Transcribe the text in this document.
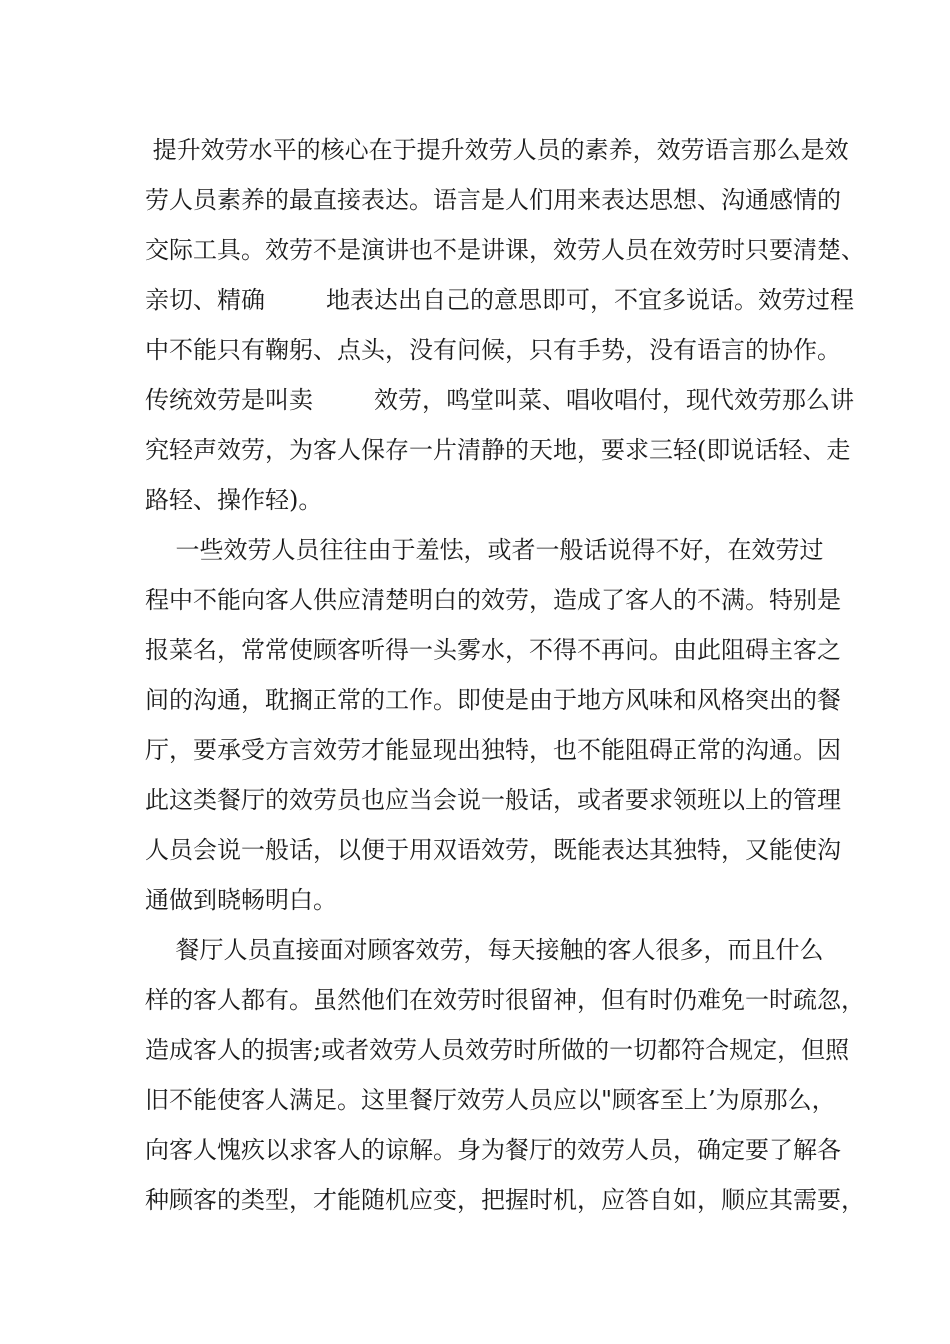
提升效劳水平的核心在于提升效劳人员的素养，效劳语言那么是效
劳人员素养的最直接表达。语言是人们用来表达思想、沟通感情的
交际工具。效劳不是演讲也不是讲课，效劳人员在效劳时只要清楚、
亲切、精确        地表达出自己的意思即可，不宜多说话。效劳过程
中不能只有鞠躬、点头，没有问候，只有手势，没有语言的协作。
传统效劳是叫卖        效劳，鸣堂叫菜、唱收唱付，现代效劳那么讲
究轻声效劳，为客人保存一片清静的天地，要求三轻(即说话轻、走
路轻、操作轻)。
一些效劳人员往往由于羞怯，或者一般话说得不好，在效劳过
程中不能向客人供应清楚明白的效劳，造成了客人的不满。特别是
报菜名，常常使顾客听得一头雾水，不得不再问。由此阻碍主客之
间的沟通，耽搁正常的工作。即使是由于地方风味和风格突出的餐
厅，要承受方言效劳才能显现出独特，也不能阻碍正常的沟通。因
此这类餐厅的效劳员也应当会说一般话，或者要求领班以上的管理
人员会说一般话，以便于用双语效劳，既能表达其独特，又能使沟
通做到晓畅明白。
餐厅人员直接面对顾客效劳，每天接触的客人很多，而且什么
样的客人都有。虽然他们在效劳时很留神，但有时仍难免一时疏忽，
造成客人的损害;或者效劳人员效劳时所做的一切都符合规定，但照
旧不能使客人满足。这里餐厅效劳人员应以"顾客至上’为原那么，
向客人愧疚以求客人的谅解。身为餐厅的效劳人员，确定要了解各
种顾客的类型，才能随机应变，把握时机，应答自如，顺应其需要，
